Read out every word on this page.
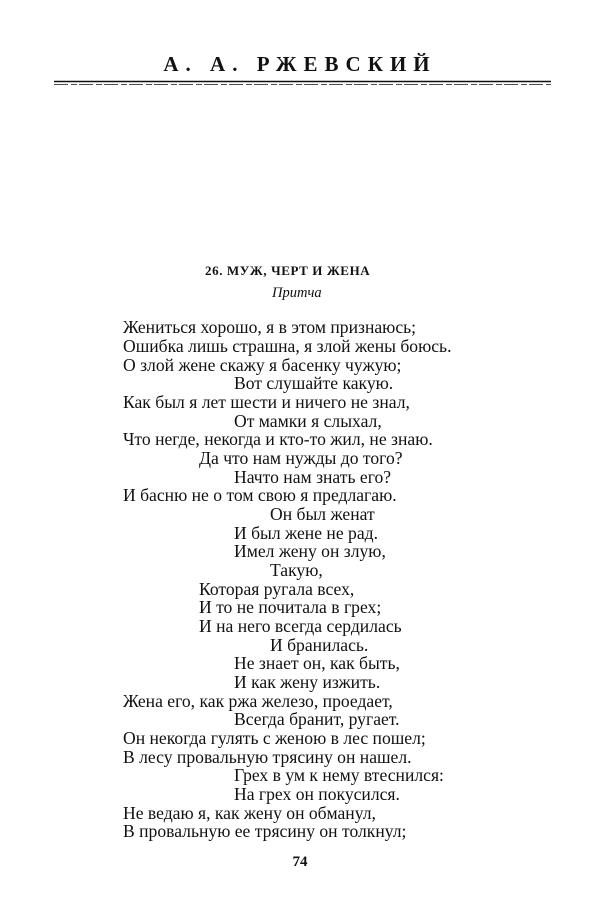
А. А. РЖЕВСКИЙ
26. МУЖ, ЧЕРТ И ЖЕНА
Притча
Жениться хорошо, я в этом признаюсь;
Ошибка лишь страшна, я злой жены боюсь.
О злой жене скажу я басенку чужую;
Вот слушайте какую.
Как был я лет шести и ничего не знал,
От мамки я слыхал,
Что негде, некогда и кто-то жил, не знаю.
Да что нам нужды до того?
Начто нам знать его?
И басню не о том свою я предлагаю.
Он был женат
И был жене не рад.
Имел жену он злую,
Такую,
Которая ругала всех,
И то не почитала в грех;
И на него всегда сердилась
И бранилась.
Не знает он, как быть,
И как жену изжить.
Жена его, как ржа железо, проедает,
Всегда бранит, ругает.
Он некогда гулять с женою в лес пошел;
В лесу провальную трясину он нашел.
Грех в ум к нему втеснился:
На грех он покусился.
Не ведаю я, как жену он обманул,
В провальную ее трясину он толкнул;
74
